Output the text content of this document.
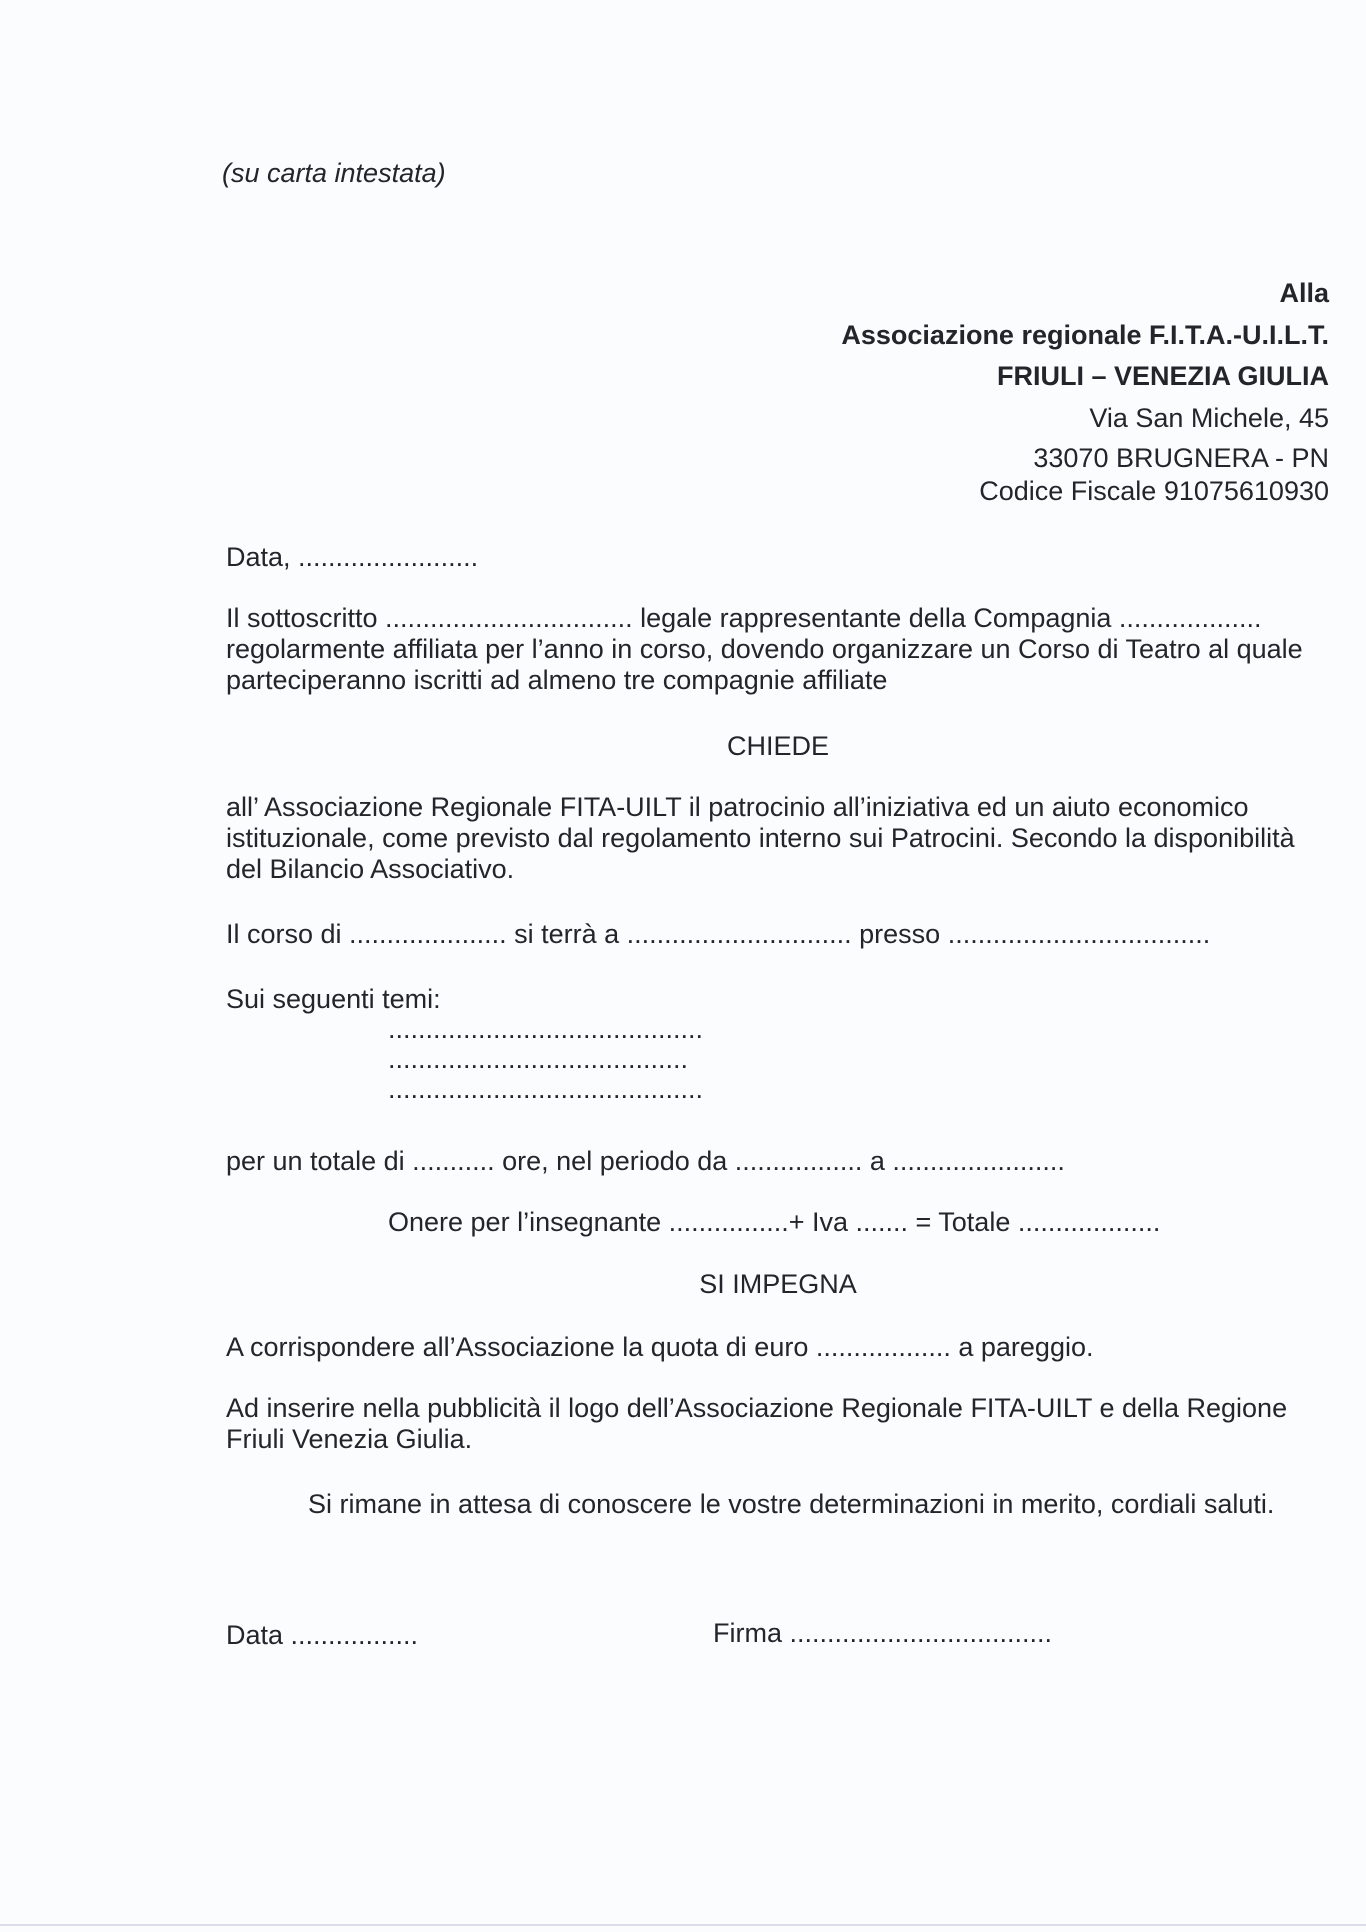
(su carta intestata)

Alla

Associazione regionale F.I.T.A.-U.I.L.T.

FRIULI – VENEZIA GIULIA

Via San Michele, 45

33070 BRUGNERA - PN

Codice Fiscale 91075610930

Data, ........................

Il sottoscritto ................................. legale rappresentante della Compagnia ...................
regolarmente affiliata per l’anno in corso, dovendo organizzare un Corso di Teatro al quale
parteciperanno iscritti ad almeno tre compagnie affiliate

CHIEDE

all’ Associazione Regionale FITA-UILT il patrocinio all’iniziativa ed un aiuto economico
istituzionale, come previsto dal regolamento interno sui Patrocini. Secondo la disponibilità
del Bilancio Associativo.

Il corso di ..................... si terrà a .............................. presso ...................................

Sui seguenti temi:

..........................................

........................................

..........................................

per un totale di ........... ore, nel periodo da ................. a .......................

Onere per l’insegnante ................+ Iva ....... = Totale ...................

SI IMPEGNA

A corrispondere all’Associazione la quota di euro .................. a pareggio.

Ad inserire nella pubblicità il logo dell’Associazione Regionale FITA-UILT e della Regione
Friuli Venezia Giulia.

Si rimane in attesa di conoscere le vostre determinazioni in merito, cordiali saluti.

Data .................	Firma ...................................
